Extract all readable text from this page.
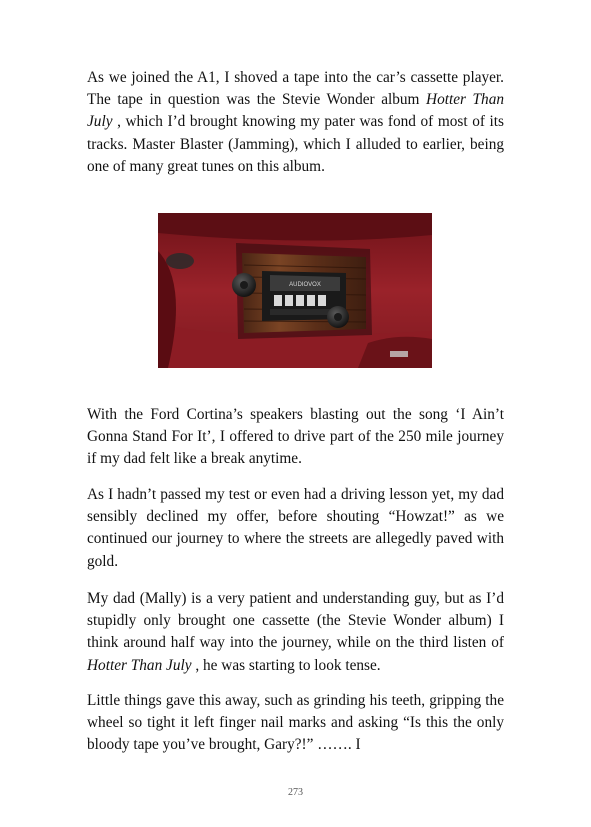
As we joined the A1, I shoved a tape into the car’s cassette player. The tape in question was the Stevie Wonder album Hotter Than July , which I’d brought knowing my pater was fond of most of its tracks. Master Blaster (Jamming), which I alluded to earlier, being one of many great tunes on this album.

AUDIOVOX

With the Ford Cortina’s speakers blasting out the song ‘I Ain’t Gonna Stand For It’, I offered to drive part of the 250 mile journey if my dad felt like a break anytime.

As I hadn’t passed my test or even had a driving lesson yet, my dad sensibly declined my offer, before shouting “Howzat!” as we continued our journey to where the streets are allegedly paved with gold.

My dad (Mally) is a very patient and understanding guy, but as I’d stupidly only brought one cassette (the Stevie Wonder album) I think around half way into the journey, while on the third listen of Hotter Than July , he was starting to look tense.

Little things gave this away, such as grinding his teeth, gripping the wheel so tight it left finger nail marks and asking “Is this the only bloody tape you’ve brought, Gary?!” ……. I

273
